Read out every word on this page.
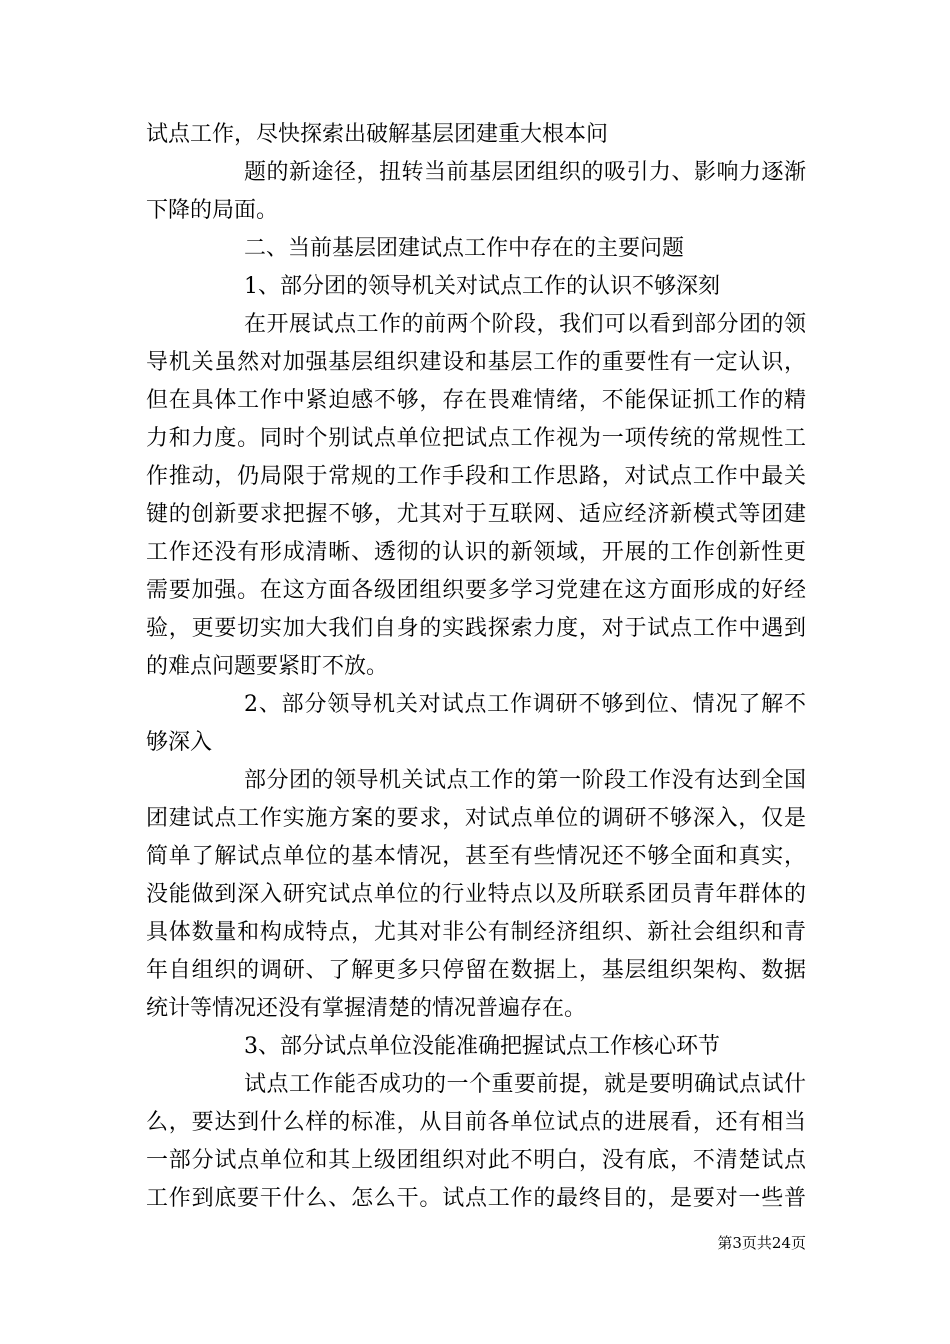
试点工作，尽快探索出破解基层团建重大根本问
题的新途径，扭转当前基层团组织的吸引力、影响力逐渐
下降的局面。
二、当前基层团建试点工作中存在的主要问题
1、部分团的领导机关对试点工作的认识不够深刻
在开展试点工作的前两个阶段，我们可以看到部分团的领
导机关虽然对加强基层组织建设和基层工作的重要性有一定认识，
但在具体工作中紧迫感不够，存在畏难情绪，不能保证抓工作的精
力和力度。同时个别试点单位把试点工作视为一项传统的常规性工
作推动，仍局限于常规的工作手段和工作思路，对试点工作中最关
键的创新要求把握不够，尤其对于互联网、适应经济新模式等团建
工作还没有形成清晰、透彻的认识的新领域，开展的工作创新性更
需要加强。在这方面各级团组织要多学习党建在这方面形成的好经
验，更要切实加大我们自身的实践探索力度，对于试点工作中遇到
的难点问题要紧盯不放。
2、部分领导机关对试点工作调研不够到位、情况了解不
够深入
部分团的领导机关试点工作的第一阶段工作没有达到全国
团建试点工作实施方案的要求，对试点单位的调研不够深入，仅是
简单了解试点单位的基本情况，甚至有些情况还不够全面和真实，
没能做到深入研究试点单位的行业特点以及所联系团员青年群体的
具体数量和构成特点，尤其对非公有制经济组织、新社会组织和青
年自组织的调研、了解更多只停留在数据上，基层组织架构、数据
统计等情况还没有掌握清楚的情况普遍存在。
3、部分试点单位没能准确把握试点工作核心环节
试点工作能否成功的一个重要前提，就是要明确试点试什
么，要达到什么样的标准，从目前各单位试点的进展看，还有相当
一部分试点单位和其上级团组织对此不明白，没有底，不清楚试点
工作到底要干什么、怎么干。试点工作的最终目的，是要对一些普
第3页共24页
